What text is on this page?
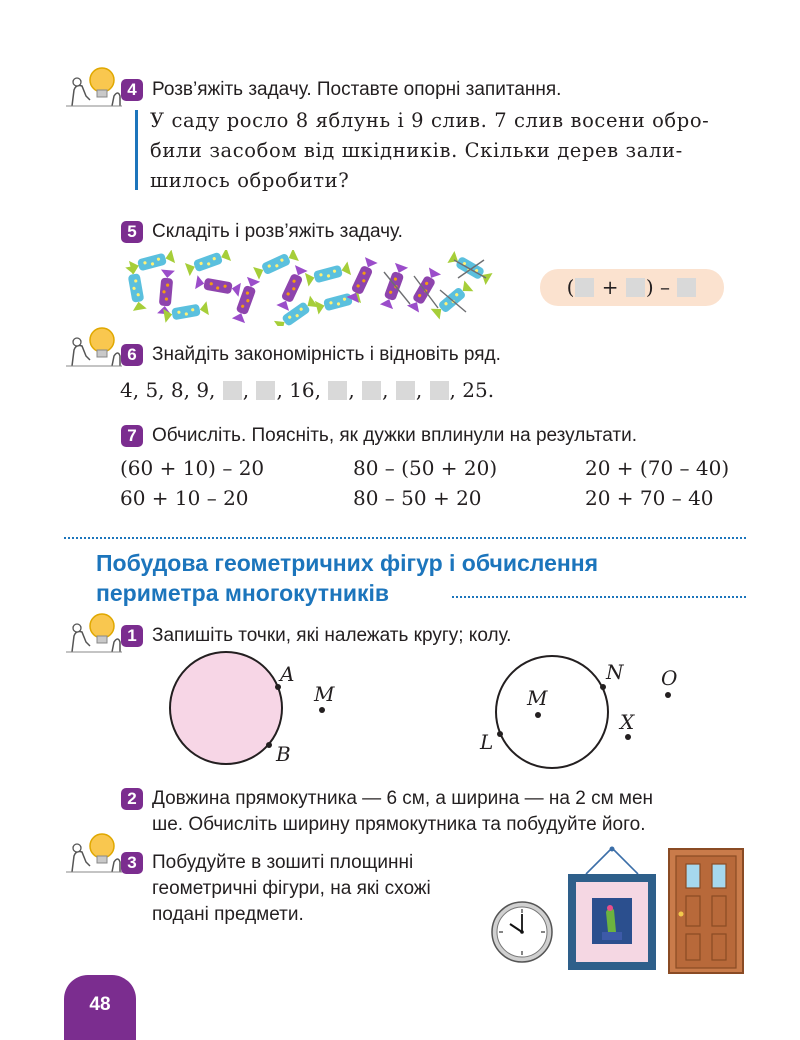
4 Розв’яжіть задачу. Поставте опорні запитання.
У саду росло 8 яблунь і 9 слив. 7 слив восени обро-
били засобом від шкідників. Скільки дерев зали-
шилось обробити?
5 Складіть і розв’яжіть задачу.
( + ) –
6 Знайдіть закономірність і відновіть ряд.
4, 5, 8, 9, , , 16, , , , , 25.
7 Обчисліть. Поясніть, як дужки вплинули на результати.
(60 + 10) – 20	80 – (50 + 20)	20 + (70 – 40)
60 + 10 – 20	80 – 50 + 20	20 + 70 – 40
Побудова геометричних фігур і обчислення
периметра многокутників
1 Запишіть точки, які належать кругу; колу.
A
M
B
N O
M
X
L
2 Довжина прямокутника — 6 см, а ширина — на 2 см мен
ше. Обчисліть ширину прямокутника та побудуйте його.
3 Побудуйте в зошиті площинні
геометричні фігури, на які схожі
подані предмети.
48
